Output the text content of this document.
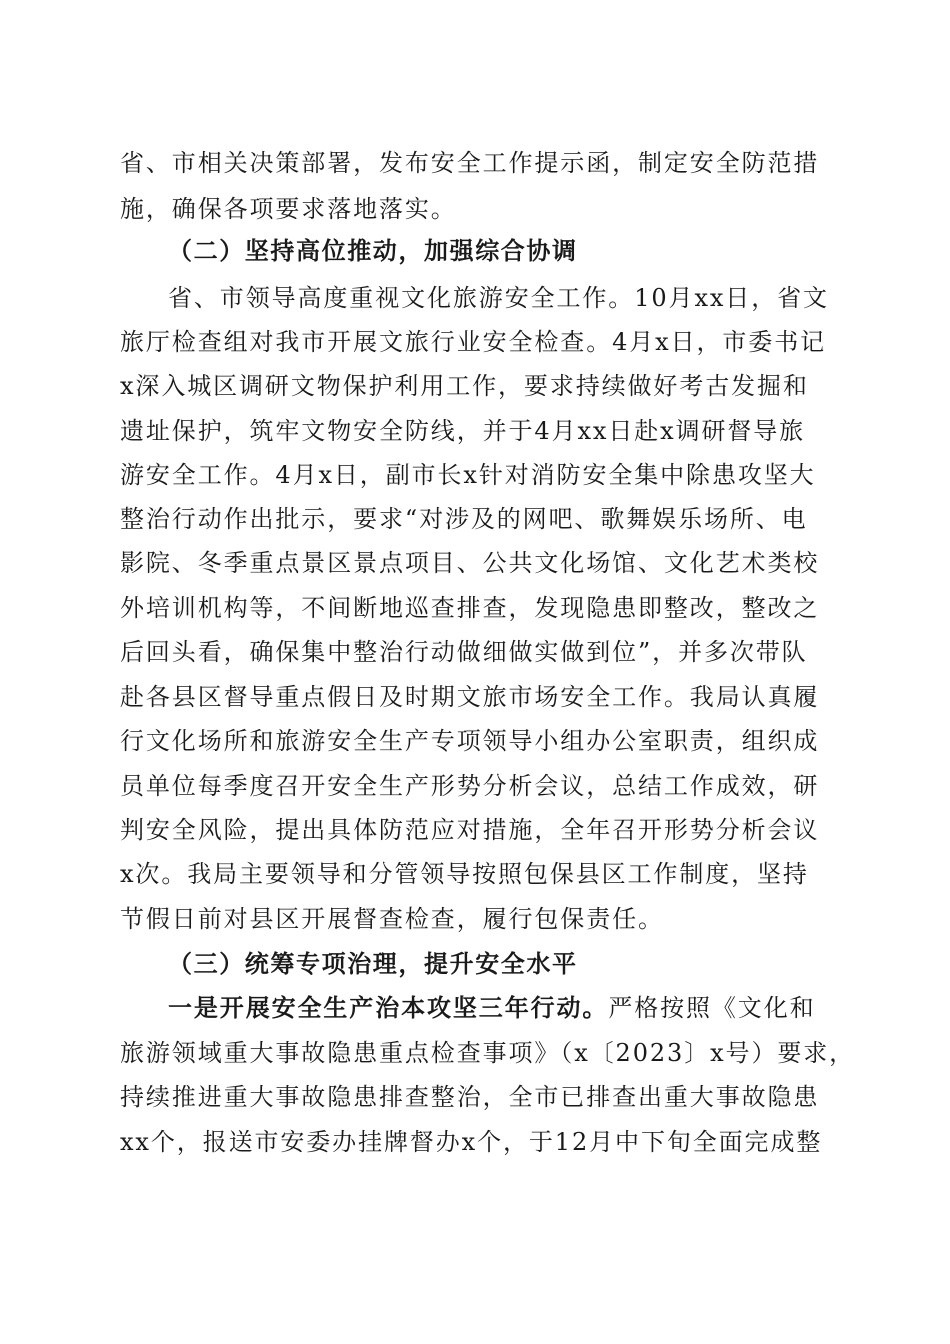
省、市相关决策部署，发布安全工作提示函，制定安全防范措
施，确保各项要求落地落实。
（二）坚持高位推动，加强综合协调
省、市领导高度重视文化旅游安全工作。10月xx日，省文
旅厅检查组对我市开展文旅行业安全检查。4月x日，市委书记
x深入城区调研文物保护利用工作，要求持续做好考古发掘和
遗址保护，筑牢文物安全防线，并于4月xx日赴x调研督导旅
游安全工作。4月x日，副市长x针对消防安全集中除患攻坚大
整治行动作出批示，要求“对涉及的网吧、歌舞娱乐场所、电
影院、冬季重点景区景点项目、公共文化场馆、文化艺术类校
外培训机构等，不间断地巡查排查，发现隐患即整改，整改之
后回头看，确保集中整治行动做细做实做到位”，并多次带队
赴各县区督导重点假日及时期文旅市场安全工作。我局认真履
行文化场所和旅游安全生产专项领导小组办公室职责，组织成
员单位每季度召开安全生产形势分析会议，总结工作成效，研
判安全风险，提出具体防范应对措施，全年召开形势分析会议
x次。我局主要领导和分管领导按照包保县区工作制度，坚持
节假日前对县区开展督查检查，履行包保责任。
（三）统筹专项治理，提升安全水平
一是开展安全生产治本攻坚三年行动。严格按照《文化和
旅游领域重大事故隐患重点检查事项》（x〔2023〕x号）要求，
持续推进重大事故隐患排查整治，全市已排查出重大事故隐患
xx个，报送市安委办挂牌督办x个，于12月中下旬全面完成整
